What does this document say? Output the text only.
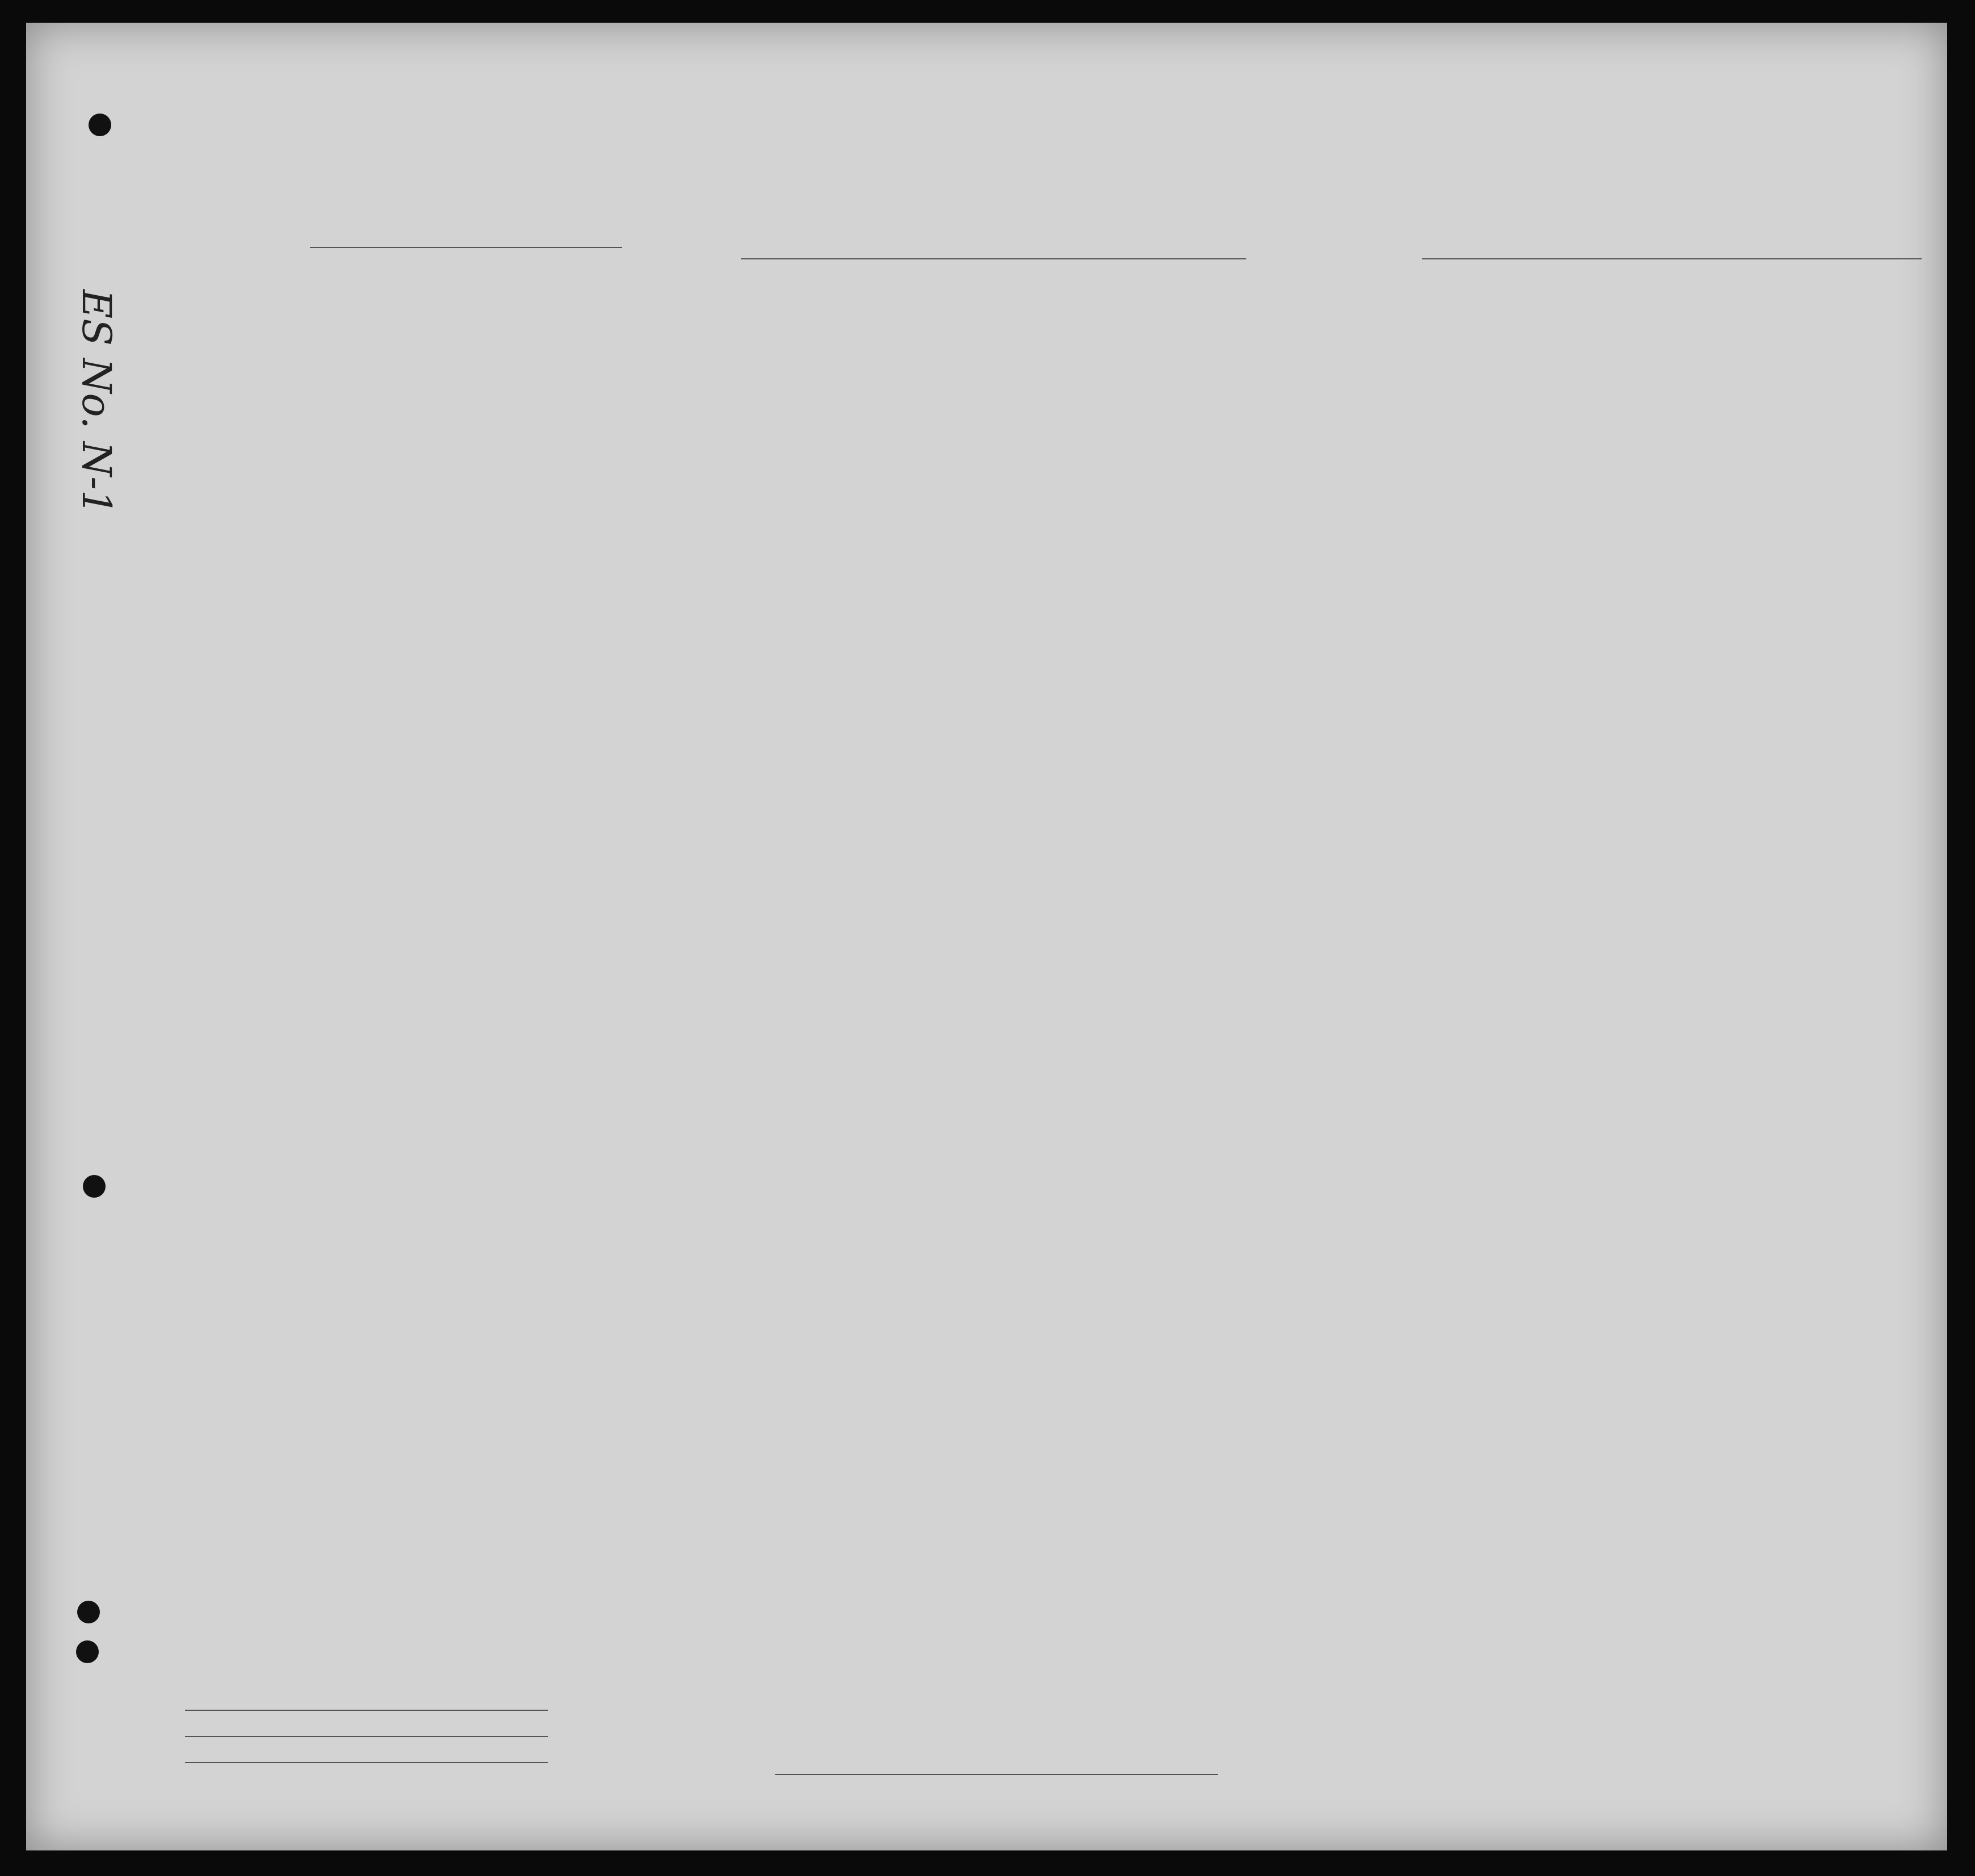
ES No. N-1
